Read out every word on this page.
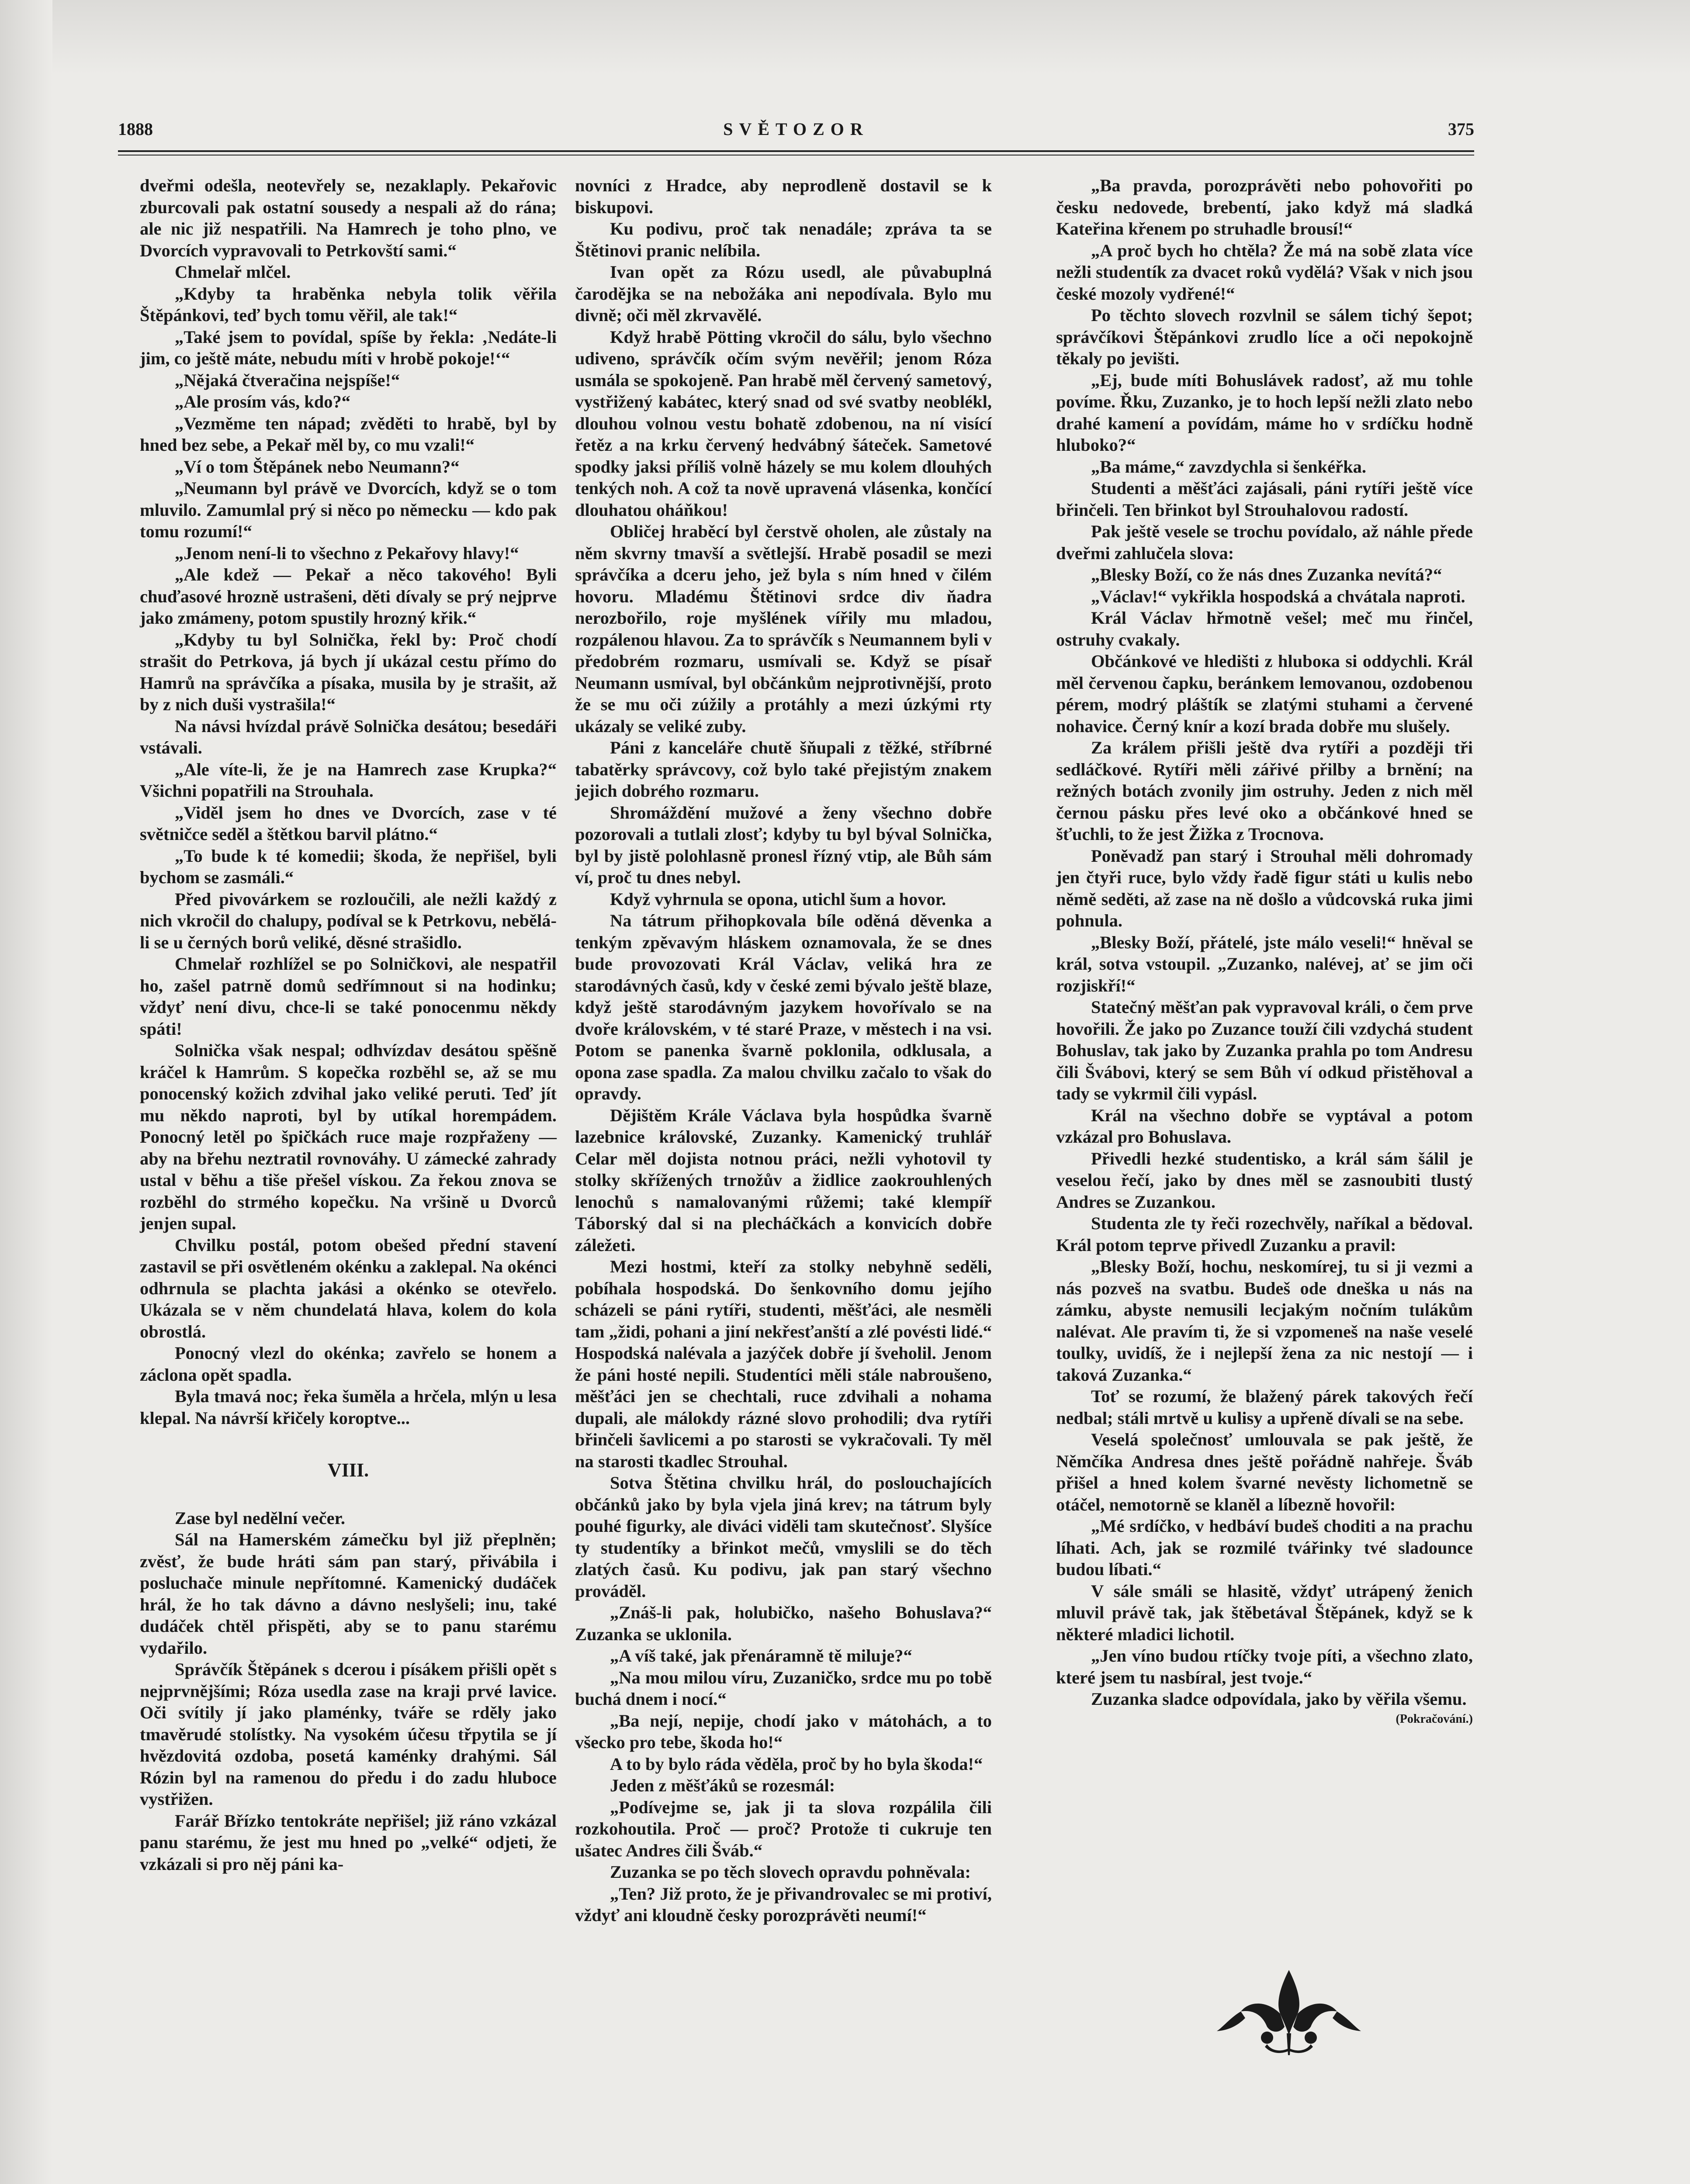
1888	SVĚTOZOR	375

dveřmi odešla, neotevřely se, nezaklaply. Pekařovic zburcovali pak ostatní sousedy a nespali až do rána; ale nic již nespatřili. Na Hamrech je toho plno, ve Dvorcích vypravovali to Petrkovští sami.“

Chmelař mlčel.

„Kdyby ta hraběnka nebyla tolik věřila Štěpánkovi, teď bych tomu věřil, ale tak!“

„Také jsem to povídal, spíše by řekla: ‚Nedáte-li jim, co ještě máte, nebudu míti v hrobě pokoje!‘“

„Nějaká čtveračina nejspíše!“

„Ale prosím vás, kdo?“

„Vezměme ten nápad; zvěděti to hrabě, byl by hned bez sebe, a Pekař měl by, co mu vzali!“

„Ví o tom Štěpánek nebo Neumann?“

„Neumann byl právě ve Dvorcích, když se o tom mluvilo. Zamumlal prý si něco po německu — kdo pak tomu rozumí!“

„Jenom není-li to všechno z Pekařovy hlavy!“

„Ale kdež — Pekař a něco takového! Byli chuďasové hrozně ustrašeni, děti dívaly se prý nejprve jako zmámeny, potom spustily hrozný křik.“

„Kdyby tu byl Solnička, řekl by: Proč chodí strašit do Petrkova, já bych jí ukázal cestu přímo do Hamrů na správčíka a písaka, musila by je strašit, až by z nich duši vystrašila!“

Na návsi hvízdal právě Solnička desátou; besedáři vstávali.

„Ale víte-li, že je na Hamrech zase Krupka?“ Všichni popatřili na Strouhala.

„Viděl jsem ho dnes ve Dvorcích, zase v té světničce seděl a štětkou barvil plátno.“

„To bude k té komedii; škoda, že nepřišel, byli bychom se zasmáli.“

Před pivovárkem se rozloučili, ale nežli každý z nich vkročil do chalupy, podíval se k Petrkovu, nebělá-li se u černých borů veliké, děsné strašidlo.

Chmelař rozhlížel se po Solničkovi, ale nespatřil ho, zašel patrně domů sedřímnout si na hodinku; vždyť není divu, chce-li se také ponocenmu někdy spáti!

Solnička však nespal; odhvízdav desátou spěšně kráčel k Hamrům. S kopečka rozběhl se, až se mu ponocenský kožich zdvihal jako veliké peruti. Teď jít mu někdo naproti, byl by utíkal horempádem. Ponocný letěl po špičkách ruce maje rozpřaženy — aby na břehu neztratil rovnováhy. U zámecké zahrady ustal v běhu a tiše přešel vískou. Za řekou znova se rozběhl do strmého kopečku. Na vršině u Dvorců jenjen supal.

Chvilku postál, potom obešed přední stavení zastavil se při osvětleném okénku a zaklepal. Na okénci odhrnula se plachta jakási a okénko se otevřelo. Ukázala se v něm chundelatá hlava, kolem do kola obrostlá.

Ponocný vlezl do okénka; zavřelo se honem a záclona opět spadla.

Byla tmavá noc; řeka šuměla a hrčela, mlýn u lesa klepal. Na návrší křičely koroptve...

VIII.

Zase byl nedělní večer.

Sál na Hamerském zámečku byl již přeplněn; zvěsť, že bude hráti sám pan starý, přivábila i posluchače minule nepřítomné. Kamenický dudáček hrál, že ho tak dávno a dávno neslyšeli; inu, také dudáček chtěl přispěti, aby se to panu starému vydařilo.

Správčík Štěpánek s dcerou i písákem přišli opět s nejprvnějšími; Róza usedla zase na kraji prvé lavice. Oči svítily jí jako plaménky, tváře se rděly jako tmavěrudé stolístky. Na vysokém účesu třpytila se jí hvězdovitá ozdoba, posetá kaménky drahými. Sál Rózin byl na ramenou do předu i do zadu hluboce vystřižen.

Farář Břízko tentokráte nepřišel; již ráno vzkázal panu starému, že jest mu hned po „velké“ odjeti, že vzkázali si pro něj páni ka-

novníci z Hradce, aby neprodleně dostavil se k biskupovi.

Ku podivu, proč tak nenadále; zpráva ta se Štětinovi pranic nelíbila.

Ivan opět za Rózu usedl, ale půvabuplná čarodějka se na nebožáka ani nepodívala. Bylo mu divně; oči měl zkrvavělé.

Když hrabě Pötting vkročil do sálu, bylo všechno udiveno, správčík očím svým nevěřil; jenom Róza usmála se spokojeně. Pan hrabě měl červený sametový, vystřižený kabátec, který snad od své svatby neoblékl, dlouhou volnou vestu bohatě zdobenou, na ní visící řetěz a na krku červený hedvábný šáteček. Sametové spodky jaksi příliš volně házely se mu kolem dlouhých tenkých noh. A což ta nově upravená vlásenka, končící dlouhatou oháňkou!

Obličej hraběcí byl čerstvě oholen, ale zůstaly na něm skvrny tmavší a světlejší. Hrabě posadil se mezi správčíka a dceru jeho, jež byla s ním hned v čilém hovoru. Mladému Štětinovi srdce div ňadra nerozbořilo, roje myšlének vířily mu mladou, rozpálenou hlavou. Za to správčík s Neumannem byli v předobrém rozmaru, usmívali se. Když se písař Neumann usmíval, byl občánkům nejprotivnější, proto že se mu oči zúžily a protáhly a mezi úzkými rty ukázaly se veliké zuby.

Páni z kanceláře chutě šňupali z těžké, stříbrné tabatěrky správcovy, což bylo také přejistým znakem jejich dobrého rozmaru.

Shromáždění mužové a ženy všechno dobře pozorovali a tutlali zlosť; kdyby tu byl býval Solnička, byl by jistě polohlasně pronesl řízný vtip, ale Bůh sám ví, proč tu dnes nebyl.

Když vyhrnula se opona, utichl šum a hovor.

Na tátrum přihopkovala bíle oděná děvenka a tenkým zpěvavým hláskem oznamovala, že se dnes bude provozovati Král Václav, veliká hra ze starodávných časů, kdy v české zemi bývalo ještě blaze, když ještě starodávným jazykem hovořívalo se na dvoře královském, v té staré Praze, v městech i na vsi. Potom se panenka švarně poklonila, odklusala, a opona zase spadla. Za malou chvilku začalo to však do opravdy.

Dějištěm Krále Václava byla hospůdka švarně lazebnice královské, Zuzanky. Kamenický truhlář Celar měl dojista notnou práci, nežli vyhotovil ty stolky skřížených trnožův a židlice zaokrouhlených lenochů s namalovanými růžemi; také klempíř Táborský dal si na plecháčkách a konvicích dobře záležeti.

Mezi hostmi, kteří za stolky nebyhně seděli, pobíhala hospodská. Do šenkovního domu jejího scházeli se páni rytíři, studenti, měšťáci, ale nesměli tam „židi, pohani a jiní nekřesťanští a zlé povésti lidé.“ Hospodská nalévala a jazýček dobře jí šveholil. Jenom že páni hosté nepili. Studentíci měli stále nabroušeno, měšťáci jen se chechtali, ruce zdvihali a nohama dupali, ale málokdy rázné slovo prohodili; dva rytíři břinčeli šavlicemi a po starosti se vykračovali. Ty měl na starosti tkadlec Strouhal.

Sotva Štětina chvilku hrál, do poslouchajících občánků jako by byla vjela jiná krev; na tátrum byly pouhé figurky, ale diváci viděli tam skutečnosť. Slyšíce ty studentíky a břinkot mečů, vmyslili se do těch zlatých časů. Ku podivu, jak pan starý všechno prováděl.

„Znáš-li pak, holubičko, našeho Bohuslava?“ Zuzanka se uklonila.

„A víš také, jak přenáramně tě miluje?“

„Na mou milou víru, Zuzaničko, srdce mu po tobě buchá dnem i nocí.“

„Ba nejí, nepije, chodí jako v mátohách, a to všecko pro tebe, škoda ho!“

A to by bylo ráda věděla, proč by ho byla škoda!“

Jeden z měšťáků se rozesmál:

„Podívejme se, jak ji ta slova rozpálila čili rozkohoutila. Proč — proč? Protože ti cukruje ten ušatec Andres čili Šváb.“

Zuzanka se po těch slovech opravdu pohněvala:

„Ten? Již proto, že je přivandrovalec se mi protiví, vždyť ani kloudně česky porozprávěti neumí!“

„Ba pravda, porozprávěti nebo pohovořiti po česku nedovede, brebentí, jako když má sladká Kateřina křenem po struhadle brousí!“

„A proč bych ho chtěla? Že má na sobě zlata více nežli studentík za dvacet roků vydělá? Však v nich jsou české mozoly vydřené!“

Po těchto slovech rozvlnil se sálem tichý šepot; správčíkovi Štěpánkovi zrudlo líce a oči nepokojně těkaly po jevišti.

„Ej, bude míti Bohuslávek radosť, až mu tohle povíme. Řku, Zuzanko, je to hoch lepší nežli zlato nebo drahé kamení a povídám, máme ho v srdíčku hodně hluboko?“

„Ba máme,“ zavzdychla si šenkéřka.

Studenti a měšťáci zajásali, páni rytíři ještě více břinčeli. Ten břinkot byl Strouhalovou radostí.

Pak ještě vesele se trochu povídalo, až náhle přede dveřmi zahlučela slova:

„Blesky Boží, co že nás dnes Zuzanka nevítá?“

„Václav!“ vykřikla hospodská a chvátala naproti.

Král Václav hřmotně vešel; meč mu řinčel, ostruhy cvakaly.

Občánkové ve hledišti z hlubока si oddychli. Král měl červenou čapku, beránkem lemovanou, ozdobenou pérem, modrý pláštík se zlatými stuhami a červené nohavice. Černý knír a kozí brada dobře mu slušely.

Za králem přišli ještě dva rytíři a později tři sedláčkové. Rytíři měli zářivé přilby a brnění; na režných botách zvonily jim ostruhy. Jeden z nich měl černou pásku přes levé oko a občánkové hned se šťuchli, to že jest Žižka z Trocnova.

Poněvadž pan starý i Strouhal měli dohromady jen čtyři ruce, bylo vždy řadě figur státi u kulis nebo němě seděti, až zase na ně došlo a vůdcovská ruka jimi pohnula.

„Blesky Boží, přátelé, jste málo veseli!“ hněval se král, sotva vstoupil. „Zuzanko, nalévej, ať se jim oči rozjiskří!“

Statečný měšťan pak vypravoval králi, o čem prve hovořili. Že jako po Zuzance touží čili vzdychá student Bohuslav, tak jako by Zuzanka prahla po tom Andresu čili Švábovi, který se sem Bůh ví odkud přistěhoval a tady se vykrmil čili vypásl.

Král na všechno dobře se vyptával a potom vzkázal pro Bohuslava.

Přivedli hezké studentisko, a král sám šálil je veselou řečí, jako by dnes měl se zasnoubiti tlustý Andres se Zuzankou.

Studenta zle ty řeči rozechvěly, naříkal a bědoval. Král potom teprve přivedl Zuzanku a pravil:

„Blesky Boží, hochu, neskomírej, tu si ji vezmi a nás pozveš na svatbu. Budeš ode dneška u nás na zámku, abyste nemusili lecjakým nočním tulákům nalévat. Ale pravím ti, že si vzpomeneš na naše veselé toulky, uvidíš, že i nejlepší žena za nic nestojí — i taková Zuzanka.“

Toť se rozumí, že blažený párek takových řečí nedbal; stáli mrtvě u kulisy a upřeně dívali se na sebe.

Veselá společnosť umlouvala se pak ještě, že Němčíka Andresa dnes ještě pořádně nahřeje. Šváb přišel a hned kolem švarné nevěsty lichometně se otáčel, nemotorně se klaněl a líbezně hovořil:

„Mé srdíčko, v hedbáví budeš choditi a na prachu líhati. Ach, jak se rozmilé tvářinky tvé sladounce budou líbati.“

V sále smáli se hlasitě, vždyť utrápený ženich mluvil právě tak, jak štěbetával Štěpánek, když se k některé mladici lichotil.

„Jen víno budou rtíčky tvoje píti, a všechno zlato, které jsem tu nasbíral, jest tvoje.“

Zuzanka sladce odpovídala, jako by věřila všemu.

(Pokračování.)
